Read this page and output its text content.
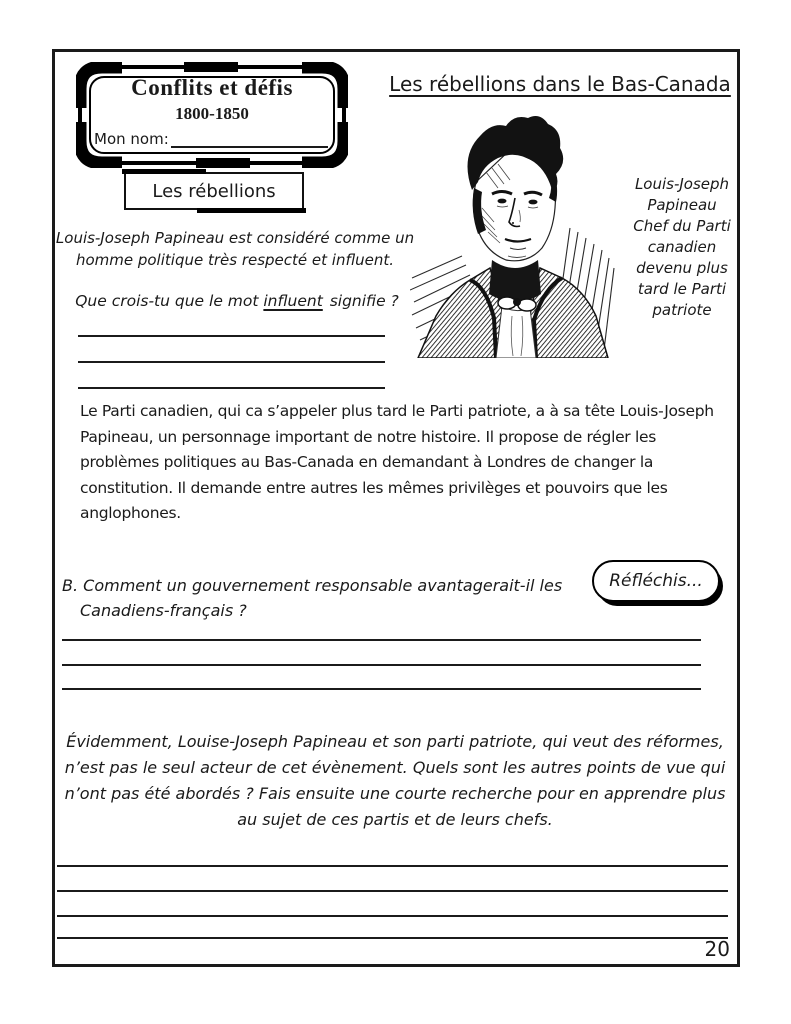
Conflits et défis
1800-1850
Mon nom:
Les rébellions
Les rébellions dans le Bas-Canada
Louis-Joseph
Papineau
Chef du Parti
canadien
devenu plus
tard le Parti
patriote
Louis-Joseph Papineau est considéré comme un homme politique très respecté et influent.
Que crois-tu que le mot influent signifie ?
Le Parti canadien, qui ca s’appeler plus tard le Parti patriote, a à sa tête Louis-Joseph Papineau, un personnage important de notre histoire. Il propose de régler les problèmes politiques au Bas-Canada en demandant à Londres de changer la constitution. Il demande entre autres les mêmes privilèges et pouvoirs que les anglophones.
B. Comment un gouvernement responsable avantagerait-il les
Canadiens-français ?
Réfléchis...
Évidemment, Louise-Joseph Papineau et son parti patriote, qui veut des réformes, n’est pas le seul acteur de cet évènement. Quels sont les autres points de vue qui n’ont pas été abordés ? Fais ensuite une courte recherche pour en apprendre plus au sujet de ces partis et de leurs chefs.
20
